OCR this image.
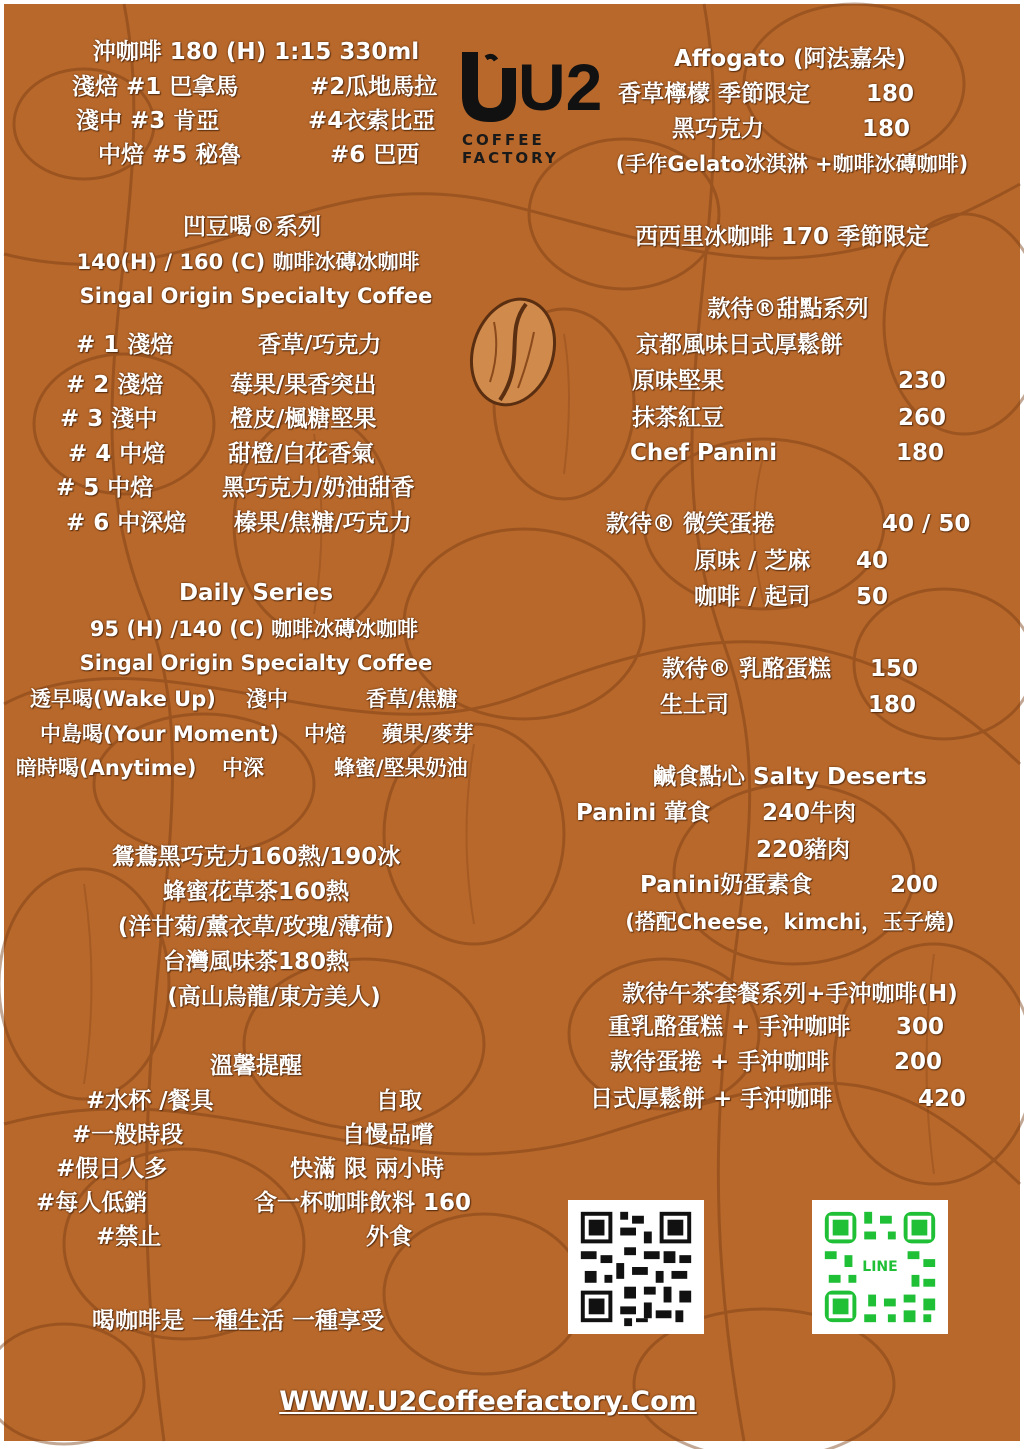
沖咖啡 180 (H) 1:15 330ml
淺焙 #1 巴拿馬	#2瓜地馬拉
淺中 #3 肯亞	#4衣索比亞
中焙 #5 秘魯	#6 巴西
凹豆喝®系列
140(H) / 160 (C) 咖啡冰磚冰咖啡
Singal Origin Specialty Coffee
# 1 淺焙	香草/巧克力
# 2 淺焙	莓果/果香突出
# 3 淺中	橙皮/楓糖堅果
# 4 中焙	甜橙/白花香氣
# 5 中焙	黑巧克力/奶油甜香
# 6 中深焙 榛果/焦糖/巧克力
Daily Series
95 (H) /140 (C) 咖啡冰磚冰咖啡
Singal Origin Specialty Coffee
透早喝(Wake Up) 淺中	香草/焦糖
中島喝(Your Moment) 中焙 蘋果/麥芽
暗時喝(Anytime) 中深	蜂蜜/堅果奶油
鴛鴦黑巧克力160熱/190冰
蜂蜜花草茶160熱
(洋甘菊/薰衣草/玫瑰/薄荷)
台灣風味茶180熱
(高山烏龍/東方美人)
溫馨提醒
#水杯 /餐具	自取
#一般時段	自慢品嚐
#假日人多	快滿 限 兩小時
#每人低銷	含一杯咖啡飲料 160
#禁止	外食
喝咖啡是 一種生活 一種享受
U2
COFFEE
FACTORY
Affogato (阿法嘉朵)
香草檸檬 季節限定 180
黑巧克力	180
(手作Gelato冰淇淋 +咖啡冰磚咖啡)
西西里冰咖啡 170 季節限定
款待®甜點系列
京都風味日式厚鬆餅
原味堅果	230
抹茶紅豆	260
Chef Panini	180
款待® 微笑蛋捲	40 / 50
原味 / 芝麻 40
咖啡 / 起司 50
款待® 乳酪蛋糕 150
生土司	180
鹹食點心 Salty Deserts
Panini 葷食 240牛肉
220豬肉
Panini奶蛋素食	200
(搭配Cheese，kimchi，玉子燒)
款待午茶套餐系列+手沖咖啡(H)
重乳酪蛋糕 + 手沖咖啡 300
款待蛋捲 + 手沖咖啡	200
日式厚鬆餅 + 手沖咖啡	420
LINE
WWW.U2Coffeefactory.Com
